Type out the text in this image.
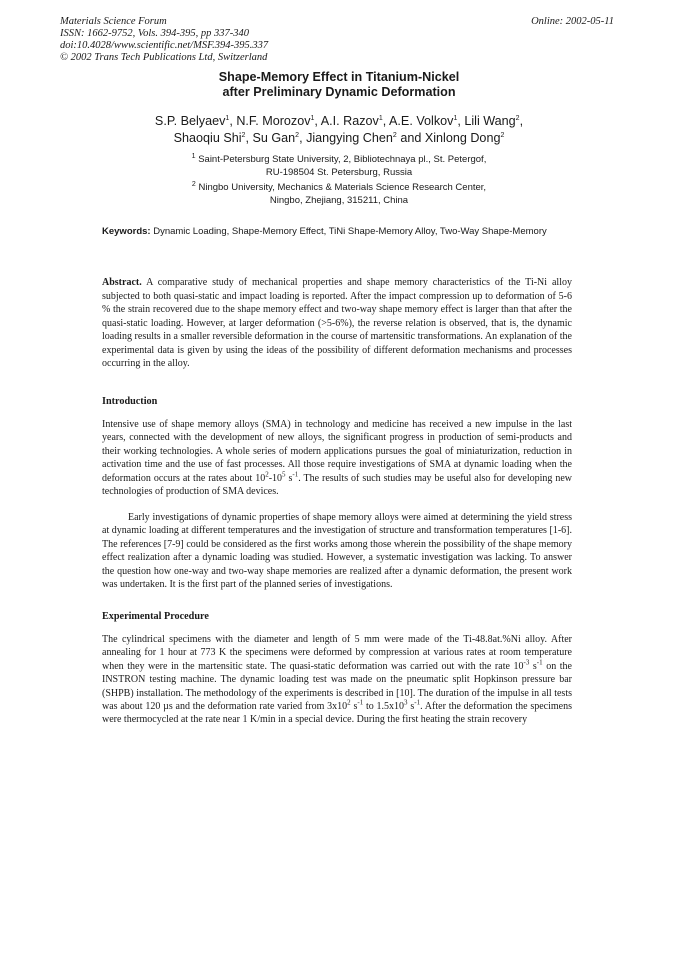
Materials Science Forum
ISSN: 1662-9752, Vols. 394-395, pp 337-340
doi:10.4028/www.scientific.net/MSF.394-395.337
© 2002 Trans Tech Publications Ltd, Switzerland
Online: 2002-05-11
Shape-Memory Effect in Titanium-Nickel
after Preliminary Dynamic Deformation
S.P. Belyaev$^1$, N.F. Morozov$^1$, A.I. Razov$^1$, A.E. Volkov$^1$, Lili Wang$^2$,
Shaoqiu Shi$^2$, Su Gan$^2$, Jiangying Chen$^2$ and Xinlong Dong$^2$
$^1$ Saint-Petersburg State University, 2, Bibliotechnaya pl., St. Petergof,
RU-198504 St. Petersburg, Russia
$^2$ Ningbo University, Mechanics & Materials Science Research Center,
Ningbo, Zhejiang, 315211, China
Keywords: Dynamic Loading, Shape-Memory Effect, TiNi Shape-Memory Alloy, Two-Way Shape-Memory
Abstract. A comparative study of mechanical properties and shape memory characteristics of the Ti-Ni alloy subjected to both quasi-static and impact loading is reported. After the impact compression up to deformation of 5-6 % the strain recovered due to the shape memory effect and two-way shape memory effect is larger than that after the quasi-static loading. However, at larger deformation (>5-6%), the reverse relation is observed, that is, the dynamic loading results in a smaller reversible deformation in the course of martensitic transformations. An explanation of the experimental data is given by using the ideas of the possibility of different deformation mechanisms and processes occurring in the alloy.
Introduction
Intensive use of shape memory alloys (SMA) in technology and medicine has received a new impulse in the last years, connected with the development of new alloys, the significant progress in production of semi-products and their working technologies. A whole series of modern applications pursues the goal of miniaturization, reduction in activation time and the use of fast processes. All those require investigations of SMA at dynamic loading when the deformation occurs at the rates about $10^2-10^5$ $s^{-1}$. The results of such studies may be useful also for developing new technologies of production of SMA devices.
Early investigations of dynamic properties of shape memory alloys were aimed at determining the yield stress at dynamic loading at different temperatures and the investigation of structure and transformation temperatures [1-6]. The references [7-9] could be considered as the first works among those wherein the possibility of the shape memory effect realization after a dynamic loading was studied. However, a systematic investigation was lacking. To answer the question how one-way and two-way shape memories are realized after a dynamic deformation, the present work was undertaken. It is the first part of the planned series of investigations.
Experimental Procedure
The cylindrical specimens with the diameter and length of 5 mm were made of the Ti-48.8at.%Ni alloy. After annealing for 1 hour at 773 K the specimens were deformed by compression at various rates at room temperature when they were in the martensitic state. The quasi-static deformation was carried out with the rate $10^{-3}$ $s^{-1}$ on the INSTRON testing machine. The dynamic loading test was made on the pneumatic split Hopkinson pressure bar (SHPB) installation. The methodology of the experiments is described in [10]. The duration of the impulse in all tests was about 120 µs and the deformation rate varied from $3x10^2$ $s^{-1}$ to $1.5x10^3$ $s^{-1}$. After the deformation the specimens were thermocycled at the rate near 1 K/min in a special device. During the first heating the strain recovery
